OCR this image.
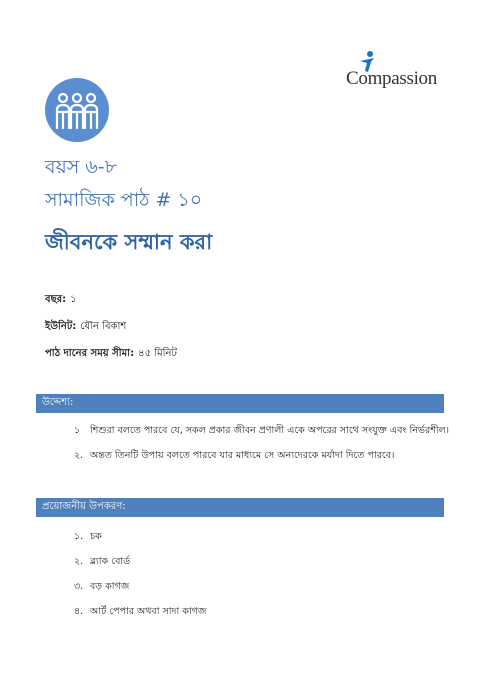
Compassion
বয়স ৬-৮
সামাজিক পাঠ # ১০
জীবনকে সম্মান করা
বছর: ১
ইউনিট: যৌন বিকাশ
পাঠ দানের সময় সীমা: ৪৫ মিনিট
উদ্দেশ্য:
১ শিশুরা বলতে পারবে যে, সকল প্রকার জীবন প্রণালী একে অপরের সাথে সংযুক্ত এবং নির্ভরশীল।
২. অন্তত তিনটি উপায় বলতে পারবে যার মাধ্যমে সে অন্যদেরকে মর্যাদা দিতে পারবে।
প্রয়োজনীয় উপকরণ:
১. চক
২. ব্ল্যাক বোর্ড
৩. বড় কাগজ
৪. আর্ট পেপার অথবা সাদা কাগজ
